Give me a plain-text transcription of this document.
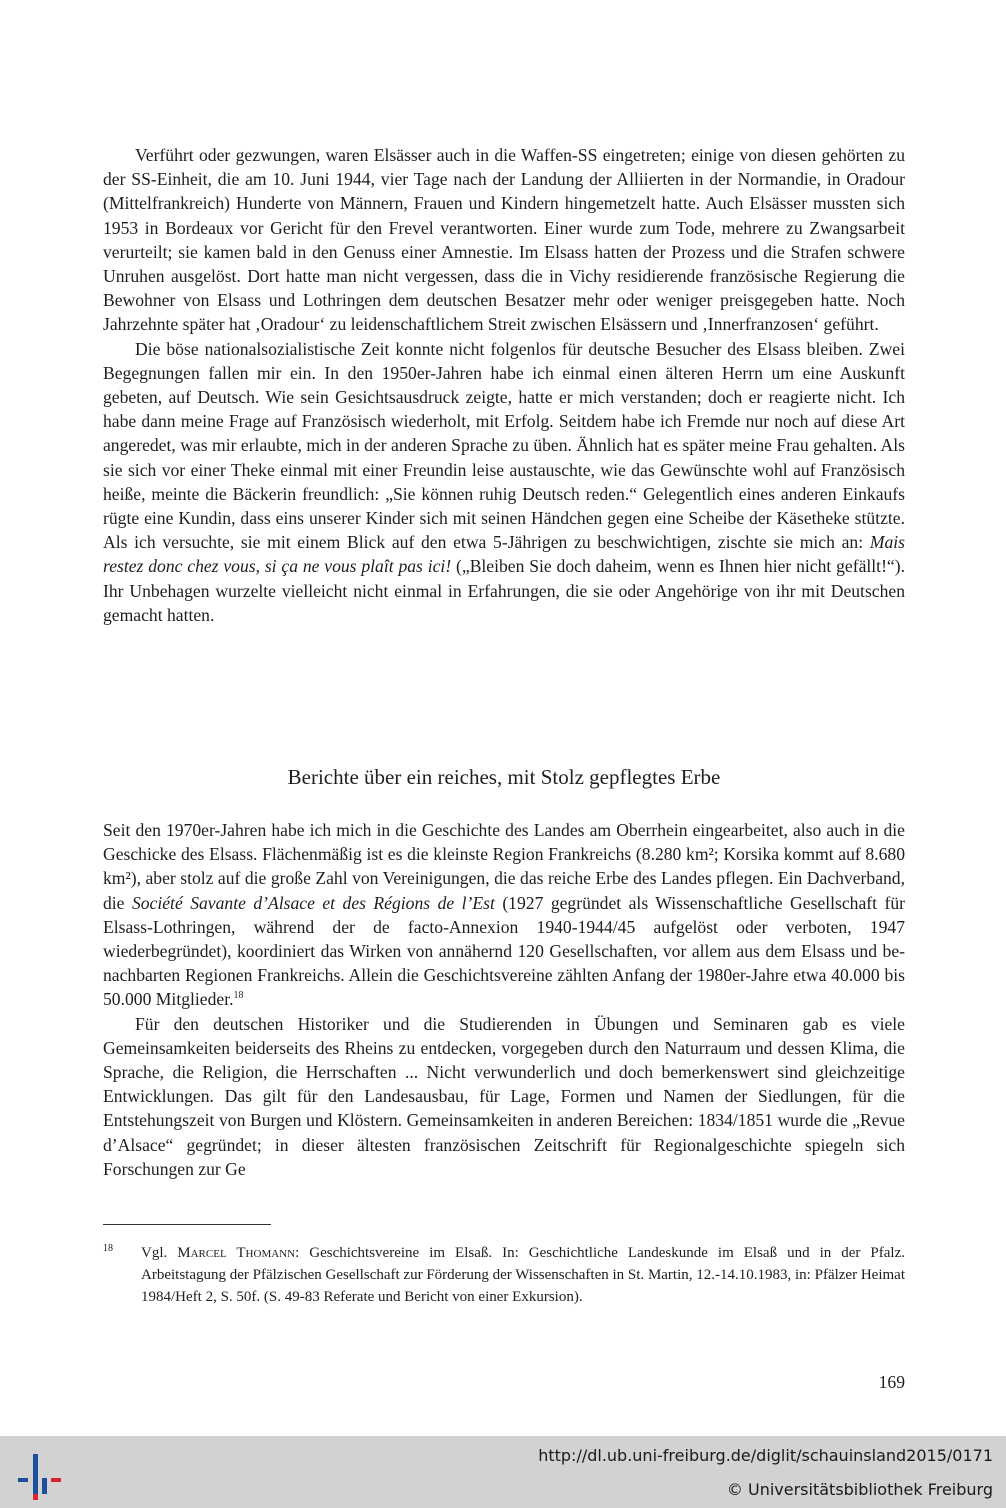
Verführt oder gezwungen, waren Elsässer auch in die Waffen-SS eingetreten; einige von diesen gehörten zu der SS-Einheit, die am 10. Juni 1944, vier Tage nach der Landung der Alliierten in der Normandie, in Oradour (Mittelfrankreich) Hunderte von Männern, Frauen und Kindern hingemetzelt hatte. Auch Elsässer mussten sich 1953 in Bordeaux vor Gericht für den Frevel verantworten. Einer wurde zum Tode, mehrere zu Zwangsarbeit verurteilt; sie kamen bald in den Genuss einer Amnestie. Im Elsass hatten der Prozess und die Strafen schwere Unruhen ausgelöst. Dort hatte man nicht vergessen, dass die in Vichy residierende französische Regierung die Bewohner von Elsass und Lothringen dem deutschen Besatzer mehr oder weniger preisgegeben hatte. Noch Jahrzehnte später hat ‚Oradour‘ zu leidenschaftlichem Streit zwischen Elsässern und ‚Innerfranzosen‘ geführt.

Die böse nationalsozialistische Zeit konnte nicht folgenlos für deutsche Besucher des Elsass bleiben. Zwei Begegnungen fallen mir ein. In den 1950er-Jahren habe ich einmal einen älteren Herrn um eine Auskunft gebeten, auf Deutsch. Wie sein Gesichtsausdruck zeigte, hatte er mich verstanden; doch er reagierte nicht. Ich habe dann meine Frage auf Französisch wiederholt, mit Erfolg. Seitdem habe ich Fremde nur noch auf diese Art angeredet, was mir erlaubte, mich in der anderen Sprache zu üben. Ähnlich hat es später meine Frau gehalten. Als sie sich vor einer Theke einmal mit einer Freundin leise austauschte, wie das Gewünschte wohl auf Französisch heiße, meinte die Bäckerin freundlich: „Sie können ruhig Deutsch reden.“ Gelegentlich eines anderen Einkaufs rügte eine Kundin, dass eins unserer Kinder sich mit seinen Händchen gegen eine Scheibe der Käsetheke stützte. Als ich versuchte, sie mit einem Blick auf den etwa 5-Jährigen zu beschwichtigen, zischte sie mich an: Mais restez donc chez vous, si ça ne vous plaît pas ici! („Bleiben Sie doch daheim, wenn es Ihnen hier nicht gefällt!“). Ihr Unbehagen wurzelte vielleicht nicht einmal in Erfahrungen, die sie oder Angehörige von ihr mit Deutschen gemacht hatten.

Berichte über ein reiches, mit Stolz gepflegtes Erbe

Seit den 1970er-Jahren habe ich mich in die Geschichte des Landes am Oberrhein eingearbeitet, also auch in die Geschicke des Elsass. Flächenmäßig ist es die kleinste Region Frankreichs (8.280 km²; Korsika kommt auf 8.680 km²), aber stolz auf die große Zahl von Vereinigungen, die das reiche Erbe des Landes pflegen. Ein Dachverband, die Société Savante d’Alsace et des Régions de l’Est (1927 gegründet als Wissenschaftliche Gesellschaft für Elsass-Lothringen, während der de facto-Annexion 1940-1944/45 aufgelöst oder verboten, 1947 wiederbegründet), koordiniert das Wirken von annähernd 120 Gesellschaften, vor allem aus dem Elsass und benachbarten Regionen Frankreichs. Allein die Geschichtsvereine zählten Anfang der 1980er-Jahre etwa 40.000 bis 50.000 Mitglieder.$^{18}$

Für den deutschen Historiker und die Studierenden in Übungen und Seminaren gab es viele Gemeinsamkeiten beiderseits des Rheins zu entdecken, vorgegeben durch den Naturraum und dessen Klima, die Sprache, die Religion, die Herrschaften ... Nicht verwunderlich und doch bemerkenswert sind gleichzeitige Entwicklungen. Das gilt für den Landesausbau, für Lage, Formen und Namen der Siedlungen, für die Entstehungszeit von Burgen und Klöstern. Gemeinsamkeiten in anderen Bereichen: 1834/1851 wurde die „Revue d’Alsace“ gegründet; in dieser ältesten französischen Zeitschrift für Regionalgeschichte spiegeln sich Forschungen zur Ge

18 Vgl. Marcel Thomann: Geschichtsvereine im Elsaß. In: Geschichtliche Landeskunde im Elsaß und in der Pfalz. Arbeitstagung der Pfälzischen Gesellschaft zur Förderung der Wissenschaften in St. Martin, 12.-14.10.1983, in: Pfälzer Heimat 1984/Heft 2, S. 50f. (S. 49-83 Referate und Bericht von einer Exkursion).
169
http://dl.ub.uni-freiburg.de/diglit/schauinsland2015/0171
© Universitätsbibliothek Freiburg
